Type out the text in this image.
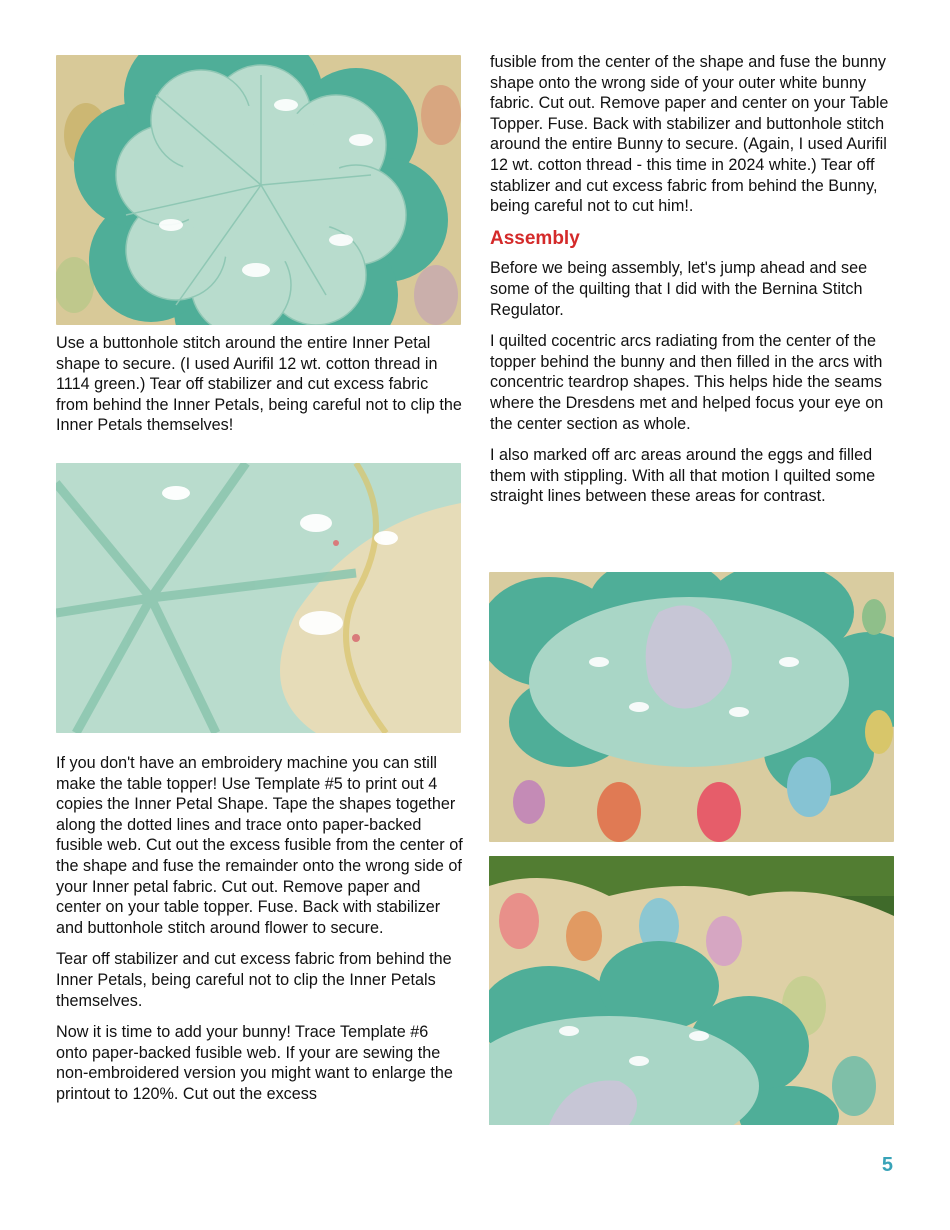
Use a buttonhole stitch around the entire Inner Petal shape to secure. (I used Aurifil 12 wt. cotton thread in 1114 green.) Tear off stabilizer and cut excess fabric from behind the Inner Petals, being careful not to clip the Inner Petals themselves!

If you don't have an embroidery machine you can still make the table topper! Use Template #5 to print out 4 copies the Inner Petal Shape. Tape the shapes together along the dotted lines and trace onto paper-backed fusible web. Cut out the excess fusible from the center of the shape and fuse the remainder onto the wrong side of your Inner petal fabric. Cut out. Remove paper and center on your table topper. Fuse. Back with stabilizer and buttonhole stitch around flower to secure.

Tear off stabilizer and cut excess fabric from behind the Inner Petals, being careful not to clip the Inner Petals themselves.

Now it is time to add your bunny! Trace Template #6 onto paper-backed fusible web. If your are sewing the non-embroidered version you might want to enlarge the printout to 120%. Cut out the excess

fusible from the center of the shape and fuse the bunny shape onto the wrong side of your outer white bunny fabric. Cut out. Remove paper and center on your Table Topper. Fuse. Back with stabilizer and buttonhole stitch around the entire Bunny to secure. (Again, I used Aurifil 12 wt. cotton thread - this time in 2024 white.) Tear off stablizer and cut excess fabric from behind the Bunny, being careful not to cut him!.

Assembly

Before we being assembly, let's jump ahead and see some of the quilting that I did with the Bernina Stitch Regulator.

I quilted cocentric arcs radiating from the center of the topper behind the bunny and then filled in the arcs with concentric teardrop shapes. This helps hide the seams where the Dresdens met and helped focus your eye on the center section as whole.

I also marked off arc areas around the eggs and filled them with stippling. With all that motion I quilted some straight lines between these areas for contrast.

5
